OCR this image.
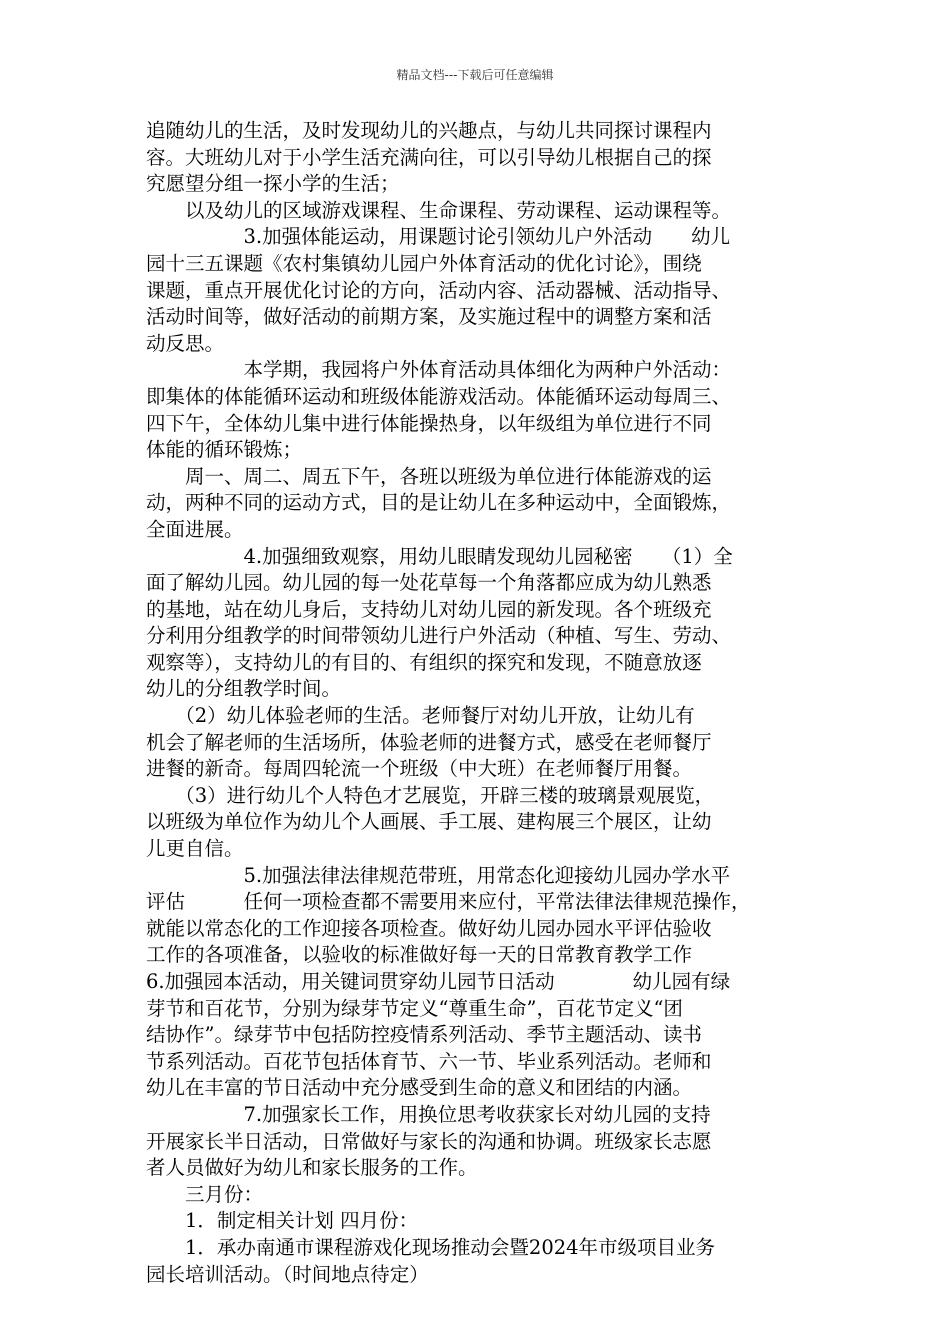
精品文档---下载后可任意编辑

追随幼儿的生活，及时发现幼儿的兴趣点，与幼儿共同探讨课程内

容。大班幼儿对于小学生活充满向往，可以引导幼儿根据自己的探

究愿望分组一探小学的生活；

　　以及幼儿的区域游戏课程、生命课程、劳动课程、运动课程等。

　　　　　3.加强体能运动，用课题讨论引领幼儿户外活动　　幼儿

园十三五课题《农村集镇幼儿园户外体育活动的优化讨论》，围绕

课题，重点开展优化讨论的方向，活动内容、活动器械、活动指导、

活动时间等，做好活动的前期方案，及实施过程中的调整方案和活

动反思。

　　　　　本学期，我园将户外体育活动具体细化为两种户外活动：

即集体的体能循环运动和班级体能游戏活动。体能循环运动每周三、

四下午，全体幼儿集中进行体能操热身，以年级组为单位进行不同

体能的循环锻炼；

　　周一、周二、周五下午，各班以班级为单位进行体能游戏的运

动，两种不同的运动方式，目的是让幼儿在多种运动中，全面锻炼，

全面进展。

　　　　　4.加强细致观察，用幼儿眼睛发现幼儿园秘密　　（1）全

面了解幼儿园。幼儿园的每一处花草每一个角落都应成为幼儿熟悉

的基地，站在幼儿身后，支持幼儿对幼儿园的新发现。各个班级充

分利用分组教学的时间带领幼儿进行户外活动（种植、写生、劳动、

观察等），支持幼儿的有目的、有组织的探究和发现，不随意放逐

幼儿的分组教学时间。

　　（2）幼儿体验老师的生活。老师餐厅对幼儿开放，让幼儿有

机会了解老师的生活场所，体验老师的进餐方式，感受在老师餐厅

进餐的新奇。每周四轮流一个班级（中大班）在老师餐厅用餐。

　　（3）进行幼儿个人特色才艺展览，开辟三楼的玻璃景观展览，

以班级为单位作为幼儿个人画展、手工展、建构展三个展区，让幼

儿更自信。

　　　　　5.加强法律法律规范带班，用常态化迎接幼儿园办学水平

评估　　　任何一项检查都不需要用来应付，平常法律法律规范操作，

就能以常态化的工作迎接各项检查。做好幼儿园办园水平评估验收

工作的各项准备，以验收的标准做好每一天的日常教育教学工作

6.加强园本活动，用关键词贯穿幼儿园节日活动　　　　幼儿园有绿

芽节和百花节，分别为绿芽节定义“尊重生命”，百花节定义“团

结协作”。绿芽节中包括防控疫情系列活动、季节主题活动、读书

节系列活动。百花节包括体育节、六一节、毕业系列活动。老师和

幼儿在丰富的节日活动中充分感受到生命的意义和团结的内涵。

　　　　　7.加强家长工作，用换位思考收获家长对幼儿园的支持

开展家长半日活动，日常做好与家长的沟通和协调。班级家长志愿

者人员做好为幼儿和家长服务的工作。

　　三月份：

　　1．制定相关计划 四月份：

　　1．承办南通市课程游戏化现场推动会暨2024年市级项目业务

园长培训活动。（时间地点待定）
